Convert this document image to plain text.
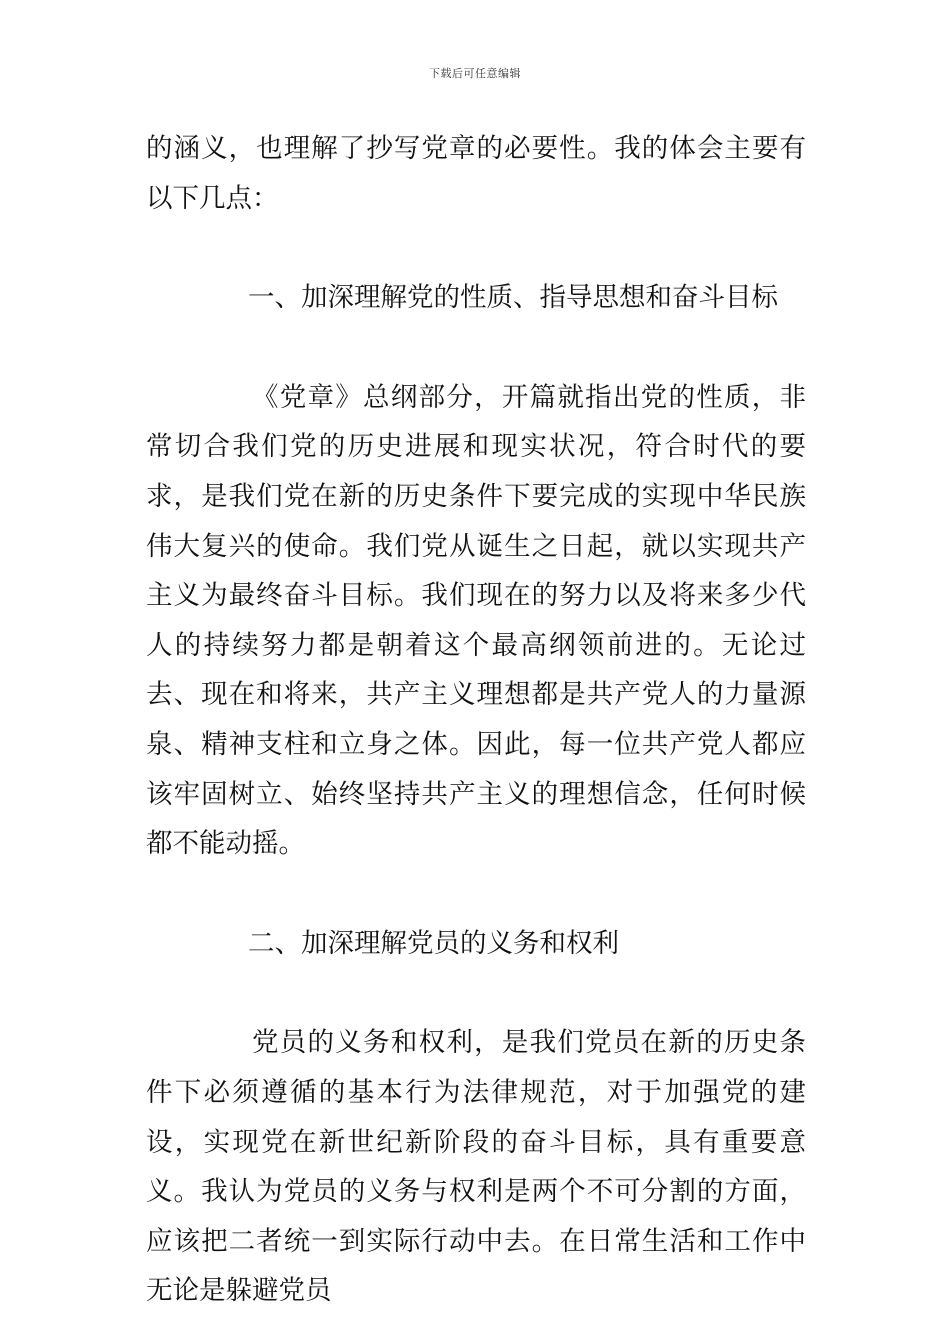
下载后可任意编辑

的涵义，也理解了抄写党章的必要性。我的体会主要有以下几点：

一、加深理解党的性质、指导思想和奋斗目标

《党章》总纲部分，开篇就指出党的性质，非常切合我们党的历史进展和现实状况，符合时代的要求，是我们党在新的历史条件下要完成的实现中华民族伟大复兴的使命。我们党从诞生之日起，就以实现共产主义为最终奋斗目标。我们现在的努力以及将来多少代人的持续努力都是朝着这个最高纲领前进的。无论过去、现在和将来，共产主义理想都是共产党人的力量源泉、精神支柱和立身之体。因此，每一位共产党人都应该牢固树立、始终坚持共产主义的理想信念，任何时候都不能动摇。

二、加深理解党员的义务和权利

党员的义务和权利，是我们党员在新的历史条件下必须遵循的基本行为法律规范，对于加强党的建设，实现党在新世纪新阶段的奋斗目标，具有重要意义。我认为党员的义务与权利是两个不可分割的方面，应该把二者统一到实际行动中去。在日常生活和工作中无论是躲避党员
